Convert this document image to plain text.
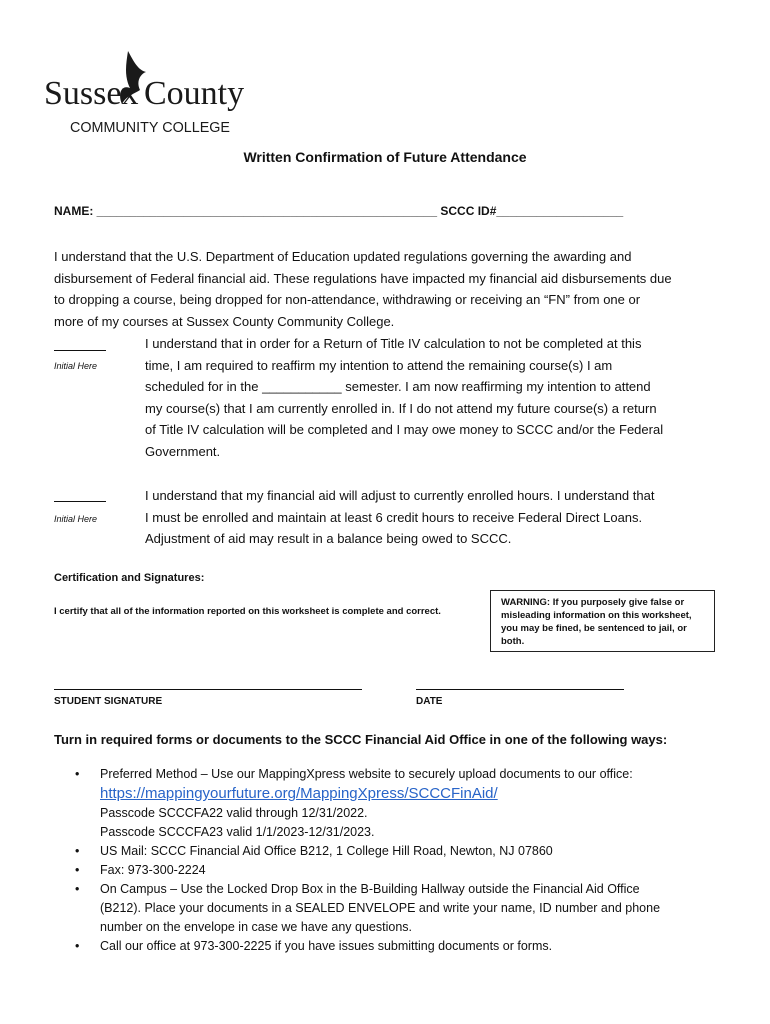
Sussex County
COMMUNITY COLLEGE
Written Confirmation of Future Attendance
NAME: ___________________________________________________ SCCC ID#___________________
I understand that the U.S. Department of Education updated regulations governing the awarding and
disbursement of Federal financial aid. These regulations have impacted my financial aid disbursements due
to dropping a course, being dropped for non-attendance, withdrawing or receiving an “FN” from one or
more of my courses at Sussex County Community College.
Initial Here
I understand that in order for a Return of Title IV calculation to not be completed at this
time, I am required to reaffirm my intention to attend the remaining course(s) I am
scheduled for in the ___________ semester. I am now reaffirming my intention to attend
my course(s) that I am currently enrolled in. If I do not attend my future course(s) a return
of Title IV calculation will be completed and I may owe money to SCCC and/or the Federal
Government.
Initial Here
I understand that my financial aid will adjust to currently enrolled hours. I understand that
I must be enrolled and maintain at least 6 credit hours to receive Federal Direct Loans.
Adjustment of aid may result in a balance being owed to SCCC.
Certification and Signatures:
I certify that all of the information reported on this worksheet is complete and correct.
WARNING: If you purposely give false or misleading information on this worksheet, you may be fined, be sentenced to jail, or both.
STUDENT SIGNATURE	DATE
Turn in required forms or documents to the SCCC Financial Aid Office in one of the following ways:
• Preferred Method – Use our MappingXpress website to securely upload documents to our office:
https://mappingyourfuture.org/MappingXpress/SCCCFinAid/
Passcode SCCCFA22 valid through 12/31/2022.
Passcode SCCCFA23 valid 1/1/2023-12/31/2023.
• US Mail: SCCC Financial Aid Office B212, 1 College Hill Road, Newton, NJ 07860
• Fax: 973-300-2224
• On Campus – Use the Locked Drop Box in the B-Building Hallway outside the Financial Aid Office
(B212). Place your documents in a SEALED ENVELOPE and write your name, ID number and phone
number on the envelope in case we have any questions.
• Call our office at 973-300-2225 if you have issues submitting documents or forms.
